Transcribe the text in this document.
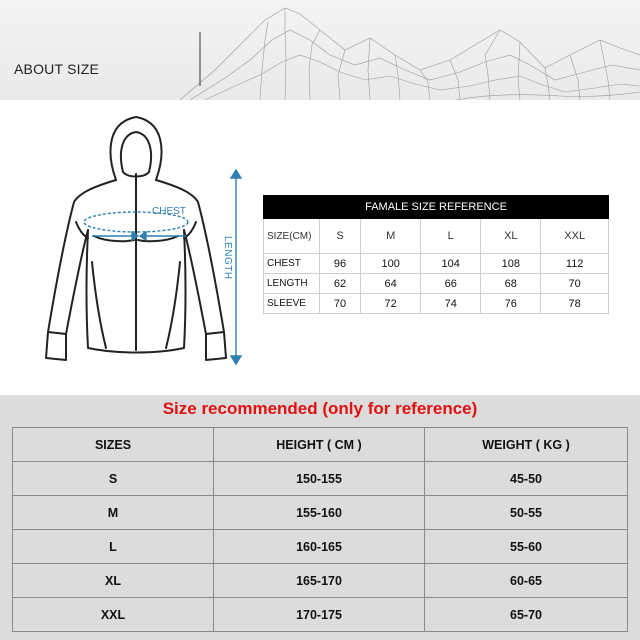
ABOUT SIZE
CHEST
LENGTH
FAMALE SIZE REFERENCE					
SIZE(CM)	S	M	L	XL	XXL
CHEST	96	100	104	108	112
LENGTH	62	64	66	68	70
SLEEVE	70	72	74	76	78
Size recommended (only for reference)
SIZES	HEIGHT ( CM )	WEIGHT ( KG )
S	150-155	45-50
M	155-160	50-55
L	160-165	55-60
XL	165-170	60-65
XXL	170-175	65-70
